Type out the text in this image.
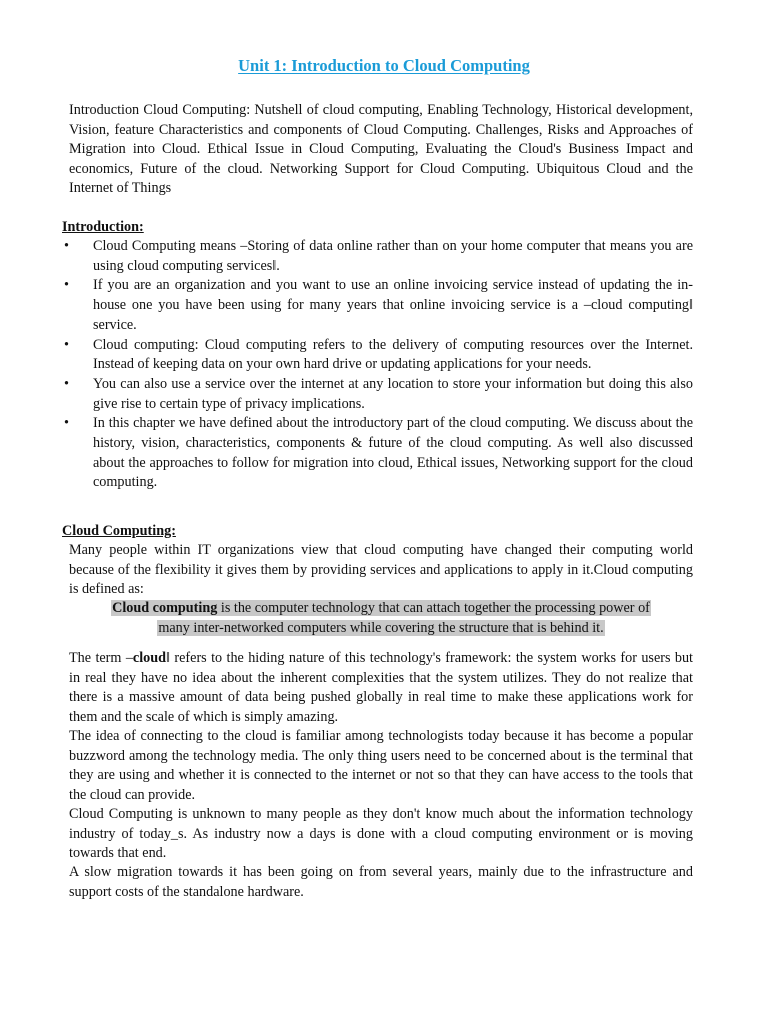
Unit 1: Introduction to Cloud Computing

Introduction Cloud Computing: Nutshell of cloud computing, Enabling Technology, Historical development, Vision, feature Characteristics and components of Cloud Computing. Challenges, Risks and Approaches of Migration into Cloud. Ethical Issue in Cloud Computing, Evaluating the Cloud's Business Impact and economics, Future of the cloud. Networking Support for Cloud Computing. Ubiquitous Cloud and the Internet of Things

Introduction:
• Cloud Computing means –Storing of data online rather than on your home computer that means you are using cloud computing services‖.
• If you are an organization and you want to use an online invoicing service instead of updating the in-house one you have been using for many years that online invoicing service is a –cloud computing‖ service.
• Cloud computing: Cloud computing refers to the delivery of computing resources over the Internet. Instead of keeping data on your own hard drive or updating applications for your needs.
• You can also use a service over the internet at any location to store your information but doing this also give rise to certain type of privacy implications.
• In this chapter we have defined about the introductory part of the cloud computing. We discuss about the history, vision, characteristics, components & future of the cloud computing. As well also discussed about the approaches to follow for migration into cloud, Ethical issues, Networking support for the cloud computing.
Cloud Computing:

Many people within IT organizations view that cloud computing have changed their computing world because of the flexibility it gives them by providing services and applications to apply in it.Cloud computing is defined as:

Cloud computing is the computer technology that can attach together the processing power of

many inter-networked computers while covering the structure that is behind it.

The term –cloud‖ refers to the hiding nature of this technology's framework: the system works for users but in real they have no idea about the inherent complexities that the system utilizes. They do not realize that there is a massive amount of data being pushed globally in real time to make these applications work for them and the scale of which is simply amazing.

The idea of connecting to the cloud is familiar among technologists today because it has become a popular buzzword among the technology media. The only thing users need to be concerned about is the terminal that they are using and whether it is connected to the internet or not so that they can have access to the tools that the cloud can provide.

Cloud Computing is unknown to many people as they don't know much about the information technology industry of today_s. As industry now a days is done with a cloud computing environment or is moving towards that end.

A slow migration towards it has been going on from several years, mainly due to the infrastructure and support costs of the standalone hardware.
